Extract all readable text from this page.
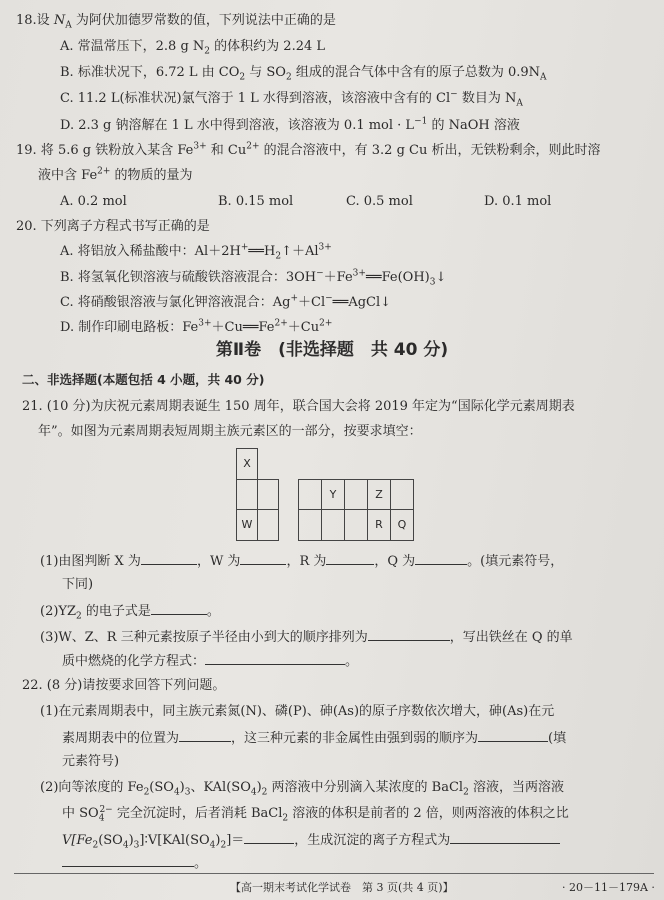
18.设 $N_A$ 为阿伏加德罗常数的值，下列说法中正确的是
A. 常温常压下，2.8 g $N_2$ 的体积约为 2.24 L
B. 标准状况下，6.72 L 由 $CO_2$ 与 $SO_2$ 组成的混合气体中含有的原子总数为 $0.9N_A$
C. 11.2 L(标准状况)氯气溶于 1 L 水得到溶液，该溶液中含有的 Cl− 数目为 $N_A$
D. 2.3 g 钠溶解在 1 L 水中得到溶液，该溶液为 0.1 mol · $L^{-1}$ 的 NaOH 溶液
19. 将 5.6 g 铁粉放入某含 $Fe^{3+}$ 和 $Cu^{2+}$ 的混合溶液中，有 3.2 g Cu 析出，无铁粉剩余，则此时溶
液中含 $Fe^{2+}$ 的物质的量为
A. 0.2 mol	B. 0.15 mol	C. 0.5 mol	D. 0.1 mol
20. 下列离子方程式书写正确的是
A. 将铝放入稀盐酸中：$Al+2H^+══H_2↑+Al^{3+}$
B. 将氢氧化钡溶液与硫酸铁溶液混合：$3OH^-+Fe^{3+}══Fe(OH)_3↓$
C. 将硝酸银溶液与氯化钾溶液混合：Ag+＋Cl−══AgCl↓
D. 制作印刷电路板：$Fe^{3+}+Cu══Fe^{2+}+Cu^{2+}$
第Ⅱ卷　(非选择题　共 40 分)
二、非选择题(本题包括 4 小题，共 40 分)
21. (10 分)为庆祝元素周期表诞生 150 周年，联合国大会将 2019 年定为“国际化学元素周期表
年”。如图为元素周期表短周期主族元素区的一部分，按要求填空：
X
W
Y	Z
R	Q
(1)由图判断 X 为	，W 为	，R 为	，Q 为	。(填元素符号，
下同)
$(2)YZ_2$ 的电子式是	。
(3)W、Z、R 三种元素按原子半径由小到大的顺序排列为	，写出铁丝在 Q 的单
质中燃烧的化学方程式：	。
22. (8 分)请按要求回答下列问题。
(1)在元素周期表中，同主族元素氮(N)、磷(P)、砷(As)的原子序数依次增大，砷(As)在元
素周期表中的位置为	，这三种元素的非金属性由强到弱的顺序为	(填
元素符号)
(2)向等浓度的 $Fe_2(SO_4)_3$、$KAl(SO_4)_2$ 两溶液中分别滴入某浓度的 BaCl$_2$ 溶液，当两溶液
中 $SO_4^{2-}$ 完全沉淀时，后者消耗 BaCl$_2$ 溶液的体积是前者的 2 倍，则两溶液的体积之比
$V[Fe_2(SO_4)_3]∶V[KAl(SO_4)_2]=$	，生成沉淀的离子方程式为
。
【高一期末考试化学试卷　第 3 页(共 4 页)】	· 20－11－179A ·
